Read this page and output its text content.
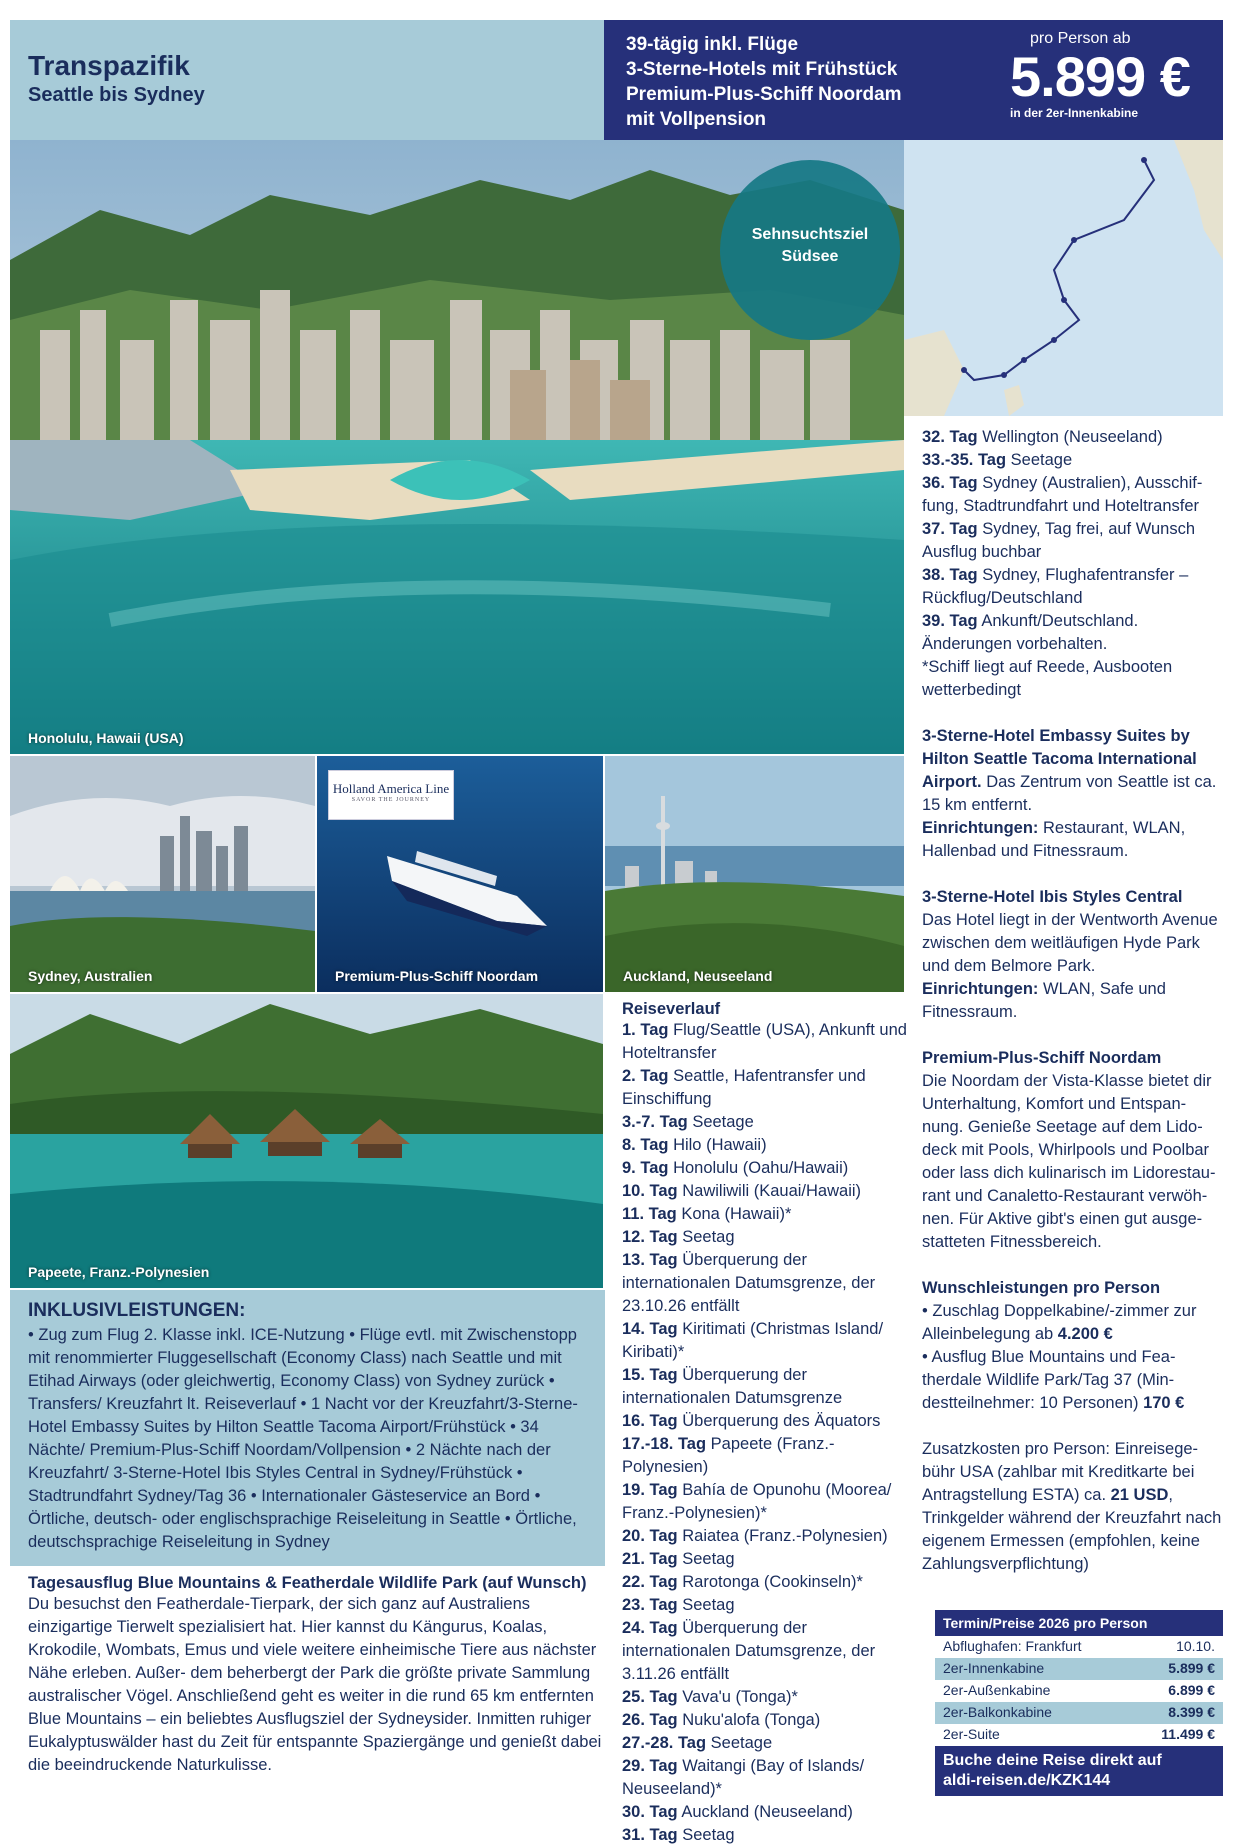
Transpazifik
Seattle bis Sydney
39-tägig inkl. Flüge
3-Sterne-Hotels mit Frühstück
Premium-Plus-Schiff Noordam
mit Vollpension
pro Person ab
5.899 €
in der 2er-Innenkabine
Honolulu, Hawaii (USA)
Sehnsuchtsziel
Südsee
Sydney, Australien	Premium-Plus-Schiff Noordam
Holland America Line
SAVOR THE JOURNEY
Auckland, Neuseeland
Papeete, Franz.-Polynesien
INKLUSIVLEISTUNGEN:
• Zug zum Flug 2. Klasse inkl. ICE-Nutzung • Flüge evtl. mit Zwischenstopp mit renommierter Fluggesellschaft (Economy Class) nach Seattle und mit Etihad Airways (oder gleichwertig, Economy Class) von Sydney zurück • Transfers/ Kreuzfahrt lt. Reiseverlauf • 1 Nacht vor der Kreuzfahrt/3-Sterne-Hotel Embassy Suites by Hilton Seattle Tacoma Airport/Frühstück • 34 Nächte/ Premium-Plus-Schiff Noordam/Vollpension • 2 Nächte nach der Kreuzfahrt/ 3-Sterne-Hotel Ibis Styles Central in Sydney/Frühstück • Stadtrundfahrt Sydney/Tag 36 • Internationaler Gästeservice an Bord • Örtliche, deutsch- oder englischsprachige Reiseleitung in Seattle • Örtliche, deutschsprachige Reiseleitung in Sydney
Tagesausflug Blue Mountains & Featherdale Wildlife Park (auf Wunsch)
Du besuchst den Featherdale-Tierpark, der sich ganz auf Australiens einzigartige Tierwelt spezialisiert hat. Hier kannst du Kängurus, Koalas, Krokodile, Wombats, Emus und viele weitere einheimische Tiere aus nächster Nähe erleben. Außer- dem beherbergt der Park die größte private Sammlung australischer Vögel. Anschließend geht es weiter in die rund 65 km entfernten Blue Mountains – ein beliebtes Ausflugsziel der Sydneysider. Inmitten ruhiger Eukalyptuswälder hast du Zeit für entspannte Spaziergänge und genießt dabei die beeindruckende Naturkulisse.
Reiseverlauf
1. Tag Flug/Seattle (USA), Ankunft und Hoteltransfer
2. Tag Seattle, Hafentransfer und Einschiffung
3.-7. Tag Seetage
8. Tag Hilo (Hawaii)
9. Tag Honolulu (Oahu/Hawaii)
10. Tag Nawiliwili (Kauai/Hawaii)
11. Tag Kona (Hawaii)*
12. Tag Seetag
13. Tag Überquerung der internationalen Datumsgrenze, der 23.10.26 entfällt
14. Tag Kiritimati (Christmas Island/ Kiribati)*
15. Tag Überquerung der internationalen Datumsgrenze
16. Tag Überquerung des Äquators
17.-18. Tag Papeete (Franz.-Polynesien)
19. Tag Bahía de Opunohu (Moorea/ Franz.-Polynesien)*
20. Tag Raiatea (Franz.-Polynesien)
21. Tag Seetag
22. Tag Rarotonga (Cookinseln)*
23. Tag Seetag
24. Tag Überquerung der internationalen Datumsgrenze, der 3.11.26 entfällt
25. Tag Vava'u (Tonga)*
26. Tag Nuku'alofa (Tonga)
27.-28. Tag Seetage
29. Tag Waitangi (Bay of Islands/ Neuseeland)*
30. Tag Auckland (Neuseeland)
31. Tag Seetag
32. Tag Wellington (Neuseeland)
33.-35. Tag Seetage
36. Tag Sydney (Australien), Ausschif- fung, Stadtrundfahrt und Hoteltransfer
37. Tag Sydney, Tag frei, auf Wunsch Ausflug buchbar
38. Tag Sydney, Flughafentransfer – Rückflug/Deutschland
39. Tag Ankunft/Deutschland.
Änderungen vorbehalten.
*Schiff liegt auf Reede, Ausbooten wetterbedingt
3-Sterne-Hotel Embassy Suites by Hilton Seattle Tacoma International Airport. Das Zentrum von Seattle ist ca. 15 km entfernt.
Einrichtungen: Restaurant, WLAN, Hallenbad und Fitnessraum.
3-Sterne-Hotel Ibis Styles Central
Das Hotel liegt in der Wentworth Avenue zwischen dem weitläufigen Hyde Park und dem Belmore Park.
Einrichtungen: WLAN, Safe und Fitnessraum.
Premium-Plus-Schiff Noordam
Die Noordam der Vista-Klasse bietet dir Unterhaltung, Komfort und Entspan- nung. Genieße Seetage auf dem Lido- deck mit Pools, Whirlpools und Poolbar oder lass dich kulinarisch im Lidorestau- rant und Canaletto-Restaurant verwöh- nen. Für Aktive gibt's einen gut ausge- statteten Fitnessbereich.
Wunschleistungen pro Person
• Zuschlag Doppelkabine/-zimmer zur Alleinbelegung ab 4.200 €
• Ausflug Blue Mountains und Fea- therdale Wildlife Park/Tag 37 (Min- destteilnehmer: 10 Personen) 170 €
Zusatzkosten pro Person: Einreisege- bühr USA (zahlbar mit Kreditkarte bei Antragstellung ESTA) ca. 21 USD, Trinkgelder während der Kreuzfahrt nach eigenem Ermessen (empfohlen, keine Zahlungsverpflichtung)
Termin/Preise 2026 pro Person
Abflughafen: Frankfurt	10.10.
2er-Innenkabine	5.899 €
2er-Außenkabine	6.899 €
2er-Balkonkabine	8.399 €
2er-Suite	11.499 €
Buche deine Reise direkt auf
aldi-reisen.de/KZK144
